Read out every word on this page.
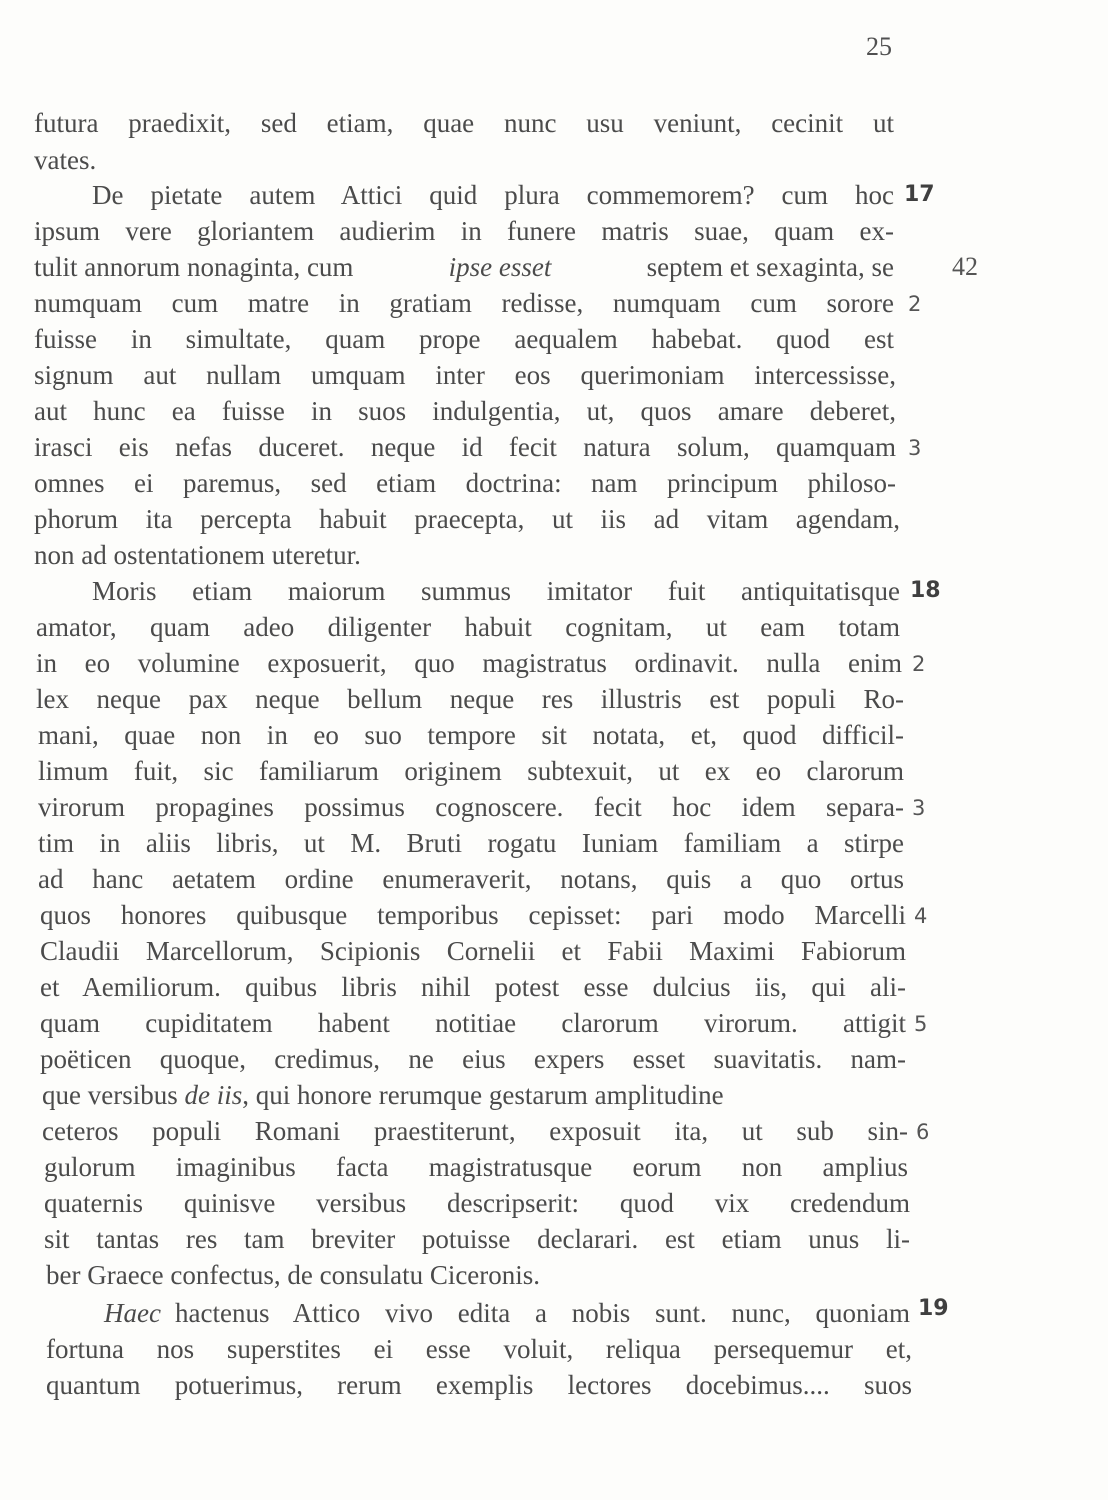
25
futura praedixit, sed etiam, quae nunc usu veniunt, cecinit ut
vates.
De pietate autem Attici quid plura commemorem? cum hoc
ipsum vere gloriantem audierim in funere matris suae, quam ex-
tulit annorum nonaginta, cum	ipse esset	septem et sexaginta, se
numquam cum matre in gratiam redisse, numquam cum sorore
fuisse in simultate, quam prope aequalem habebat. quod est
signum aut nullam umquam inter eos querimoniam intercessisse,
aut hunc ea fuisse in suos indulgentia, ut, quos amare deberet,
irasci eis nefas duceret. neque id fecit natura solum, quamquam
omnes ei paremus, sed etiam doctrina: nam principum philoso-
phorum ita percepta habuit praecepta, ut iis ad vitam agendam,
non ad ostentationem uteretur.
Moris etiam maiorum summus imitator fuit antiquitatisque
amator, quam adeo diligenter habuit cognitam, ut eam totam
in eo volumine exposuerit, quo magistratus ordinavit. nulla enim
lex neque pax neque bellum neque res illustris est populi Ro-
mani, quae non in eo suo tempore sit notata, et, quod difficil-
limum fuit, sic familiarum originem subtexuit, ut ex eo clarorum
virorum propagines possimus cognoscere. fecit hoc idem separa-
tim in aliis libris, ut M. Bruti rogatu Iuniam familiam a stirpe
ad hanc aetatem ordine enumeraverit, notans, quis a quo ortus
quos honores quibusque temporibus cepisset: pari modo Marcelli
Claudii Marcellorum, Scipionis Cornelii et Fabii Maximi Fabiorum
et Aemiliorum. quibus libris nihil potest esse dulcius iis, qui ali-
quam cupiditatem habent notitiae clarorum virorum. attigit
poëticen quoque, credimus, ne eius expers esset suavitatis. nam-
que versibus de iis, qui honore rerumque gestarum amplitudine
ceteros populi Romani praestiterunt, exposuit ita, ut sub sin-
gulorum imaginibus facta magistratusque eorum non amplius
quaternis quinisve versibus descripserit: quod vix credendum
sit tantas res tam breviter potuisse declarari. est etiam unus li-
ber Graece confectus, de consulatu Ciceronis.
Haec hactenus Attico vivo edita a nobis sunt. nunc, quoniam
fortuna nos superstites ei esse voluit, reliqua persequemur et,
quantum potuerimus, rerum exemplis lectores docebimus.... suos
17
42
2
3
18
2
3
4
5
6
19
